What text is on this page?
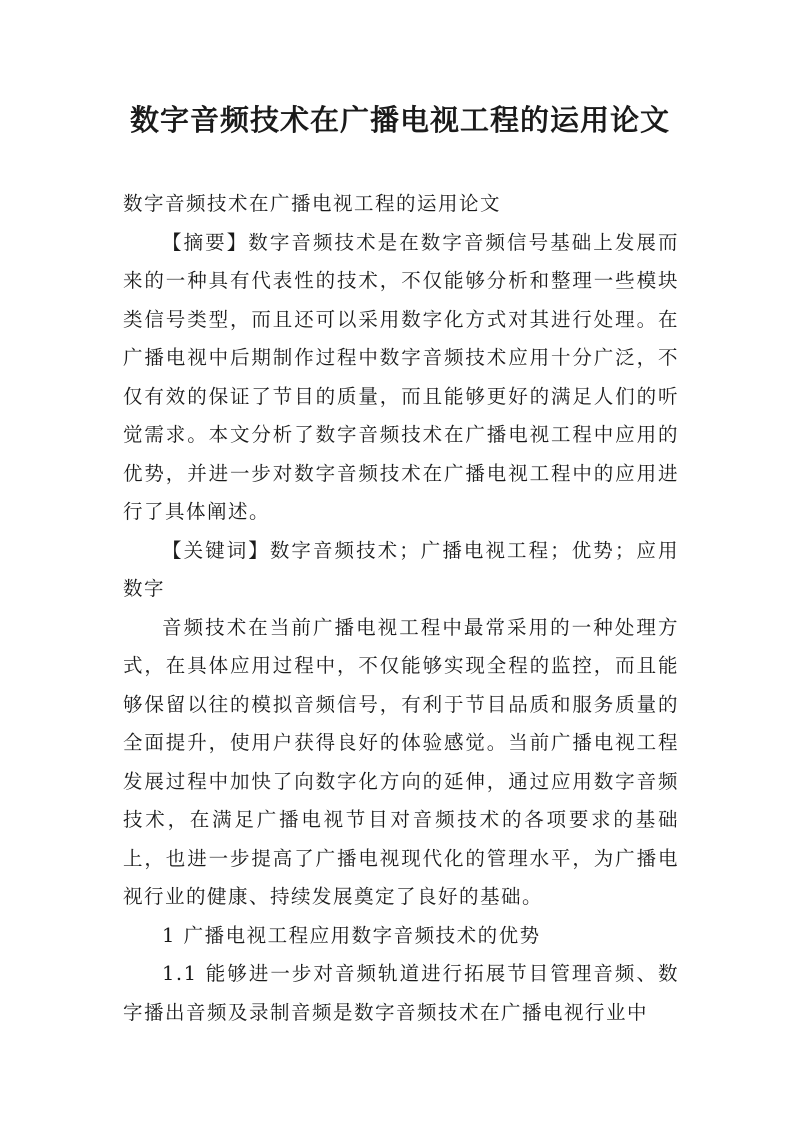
数字音频技术在广播电视工程的运用论文

数字音频技术在广播电视工程的运用论文

【摘要】数字音频技术是在数字音频信号基础上发展而来的一种具有代表性的技术，不仅能够分析和整理一些模块类信号类型，而且还可以采用数字化方式对其进行处理。在广播电视中后期制作过程中数字音频技术应用十分广泛，不仅有效的保证了节目的质量，而且能够更好的满足人们的听觉需求。本文分析了数字音频技术在广播电视工程中应用的优势，并进一步对数字音频技术在广播电视工程中的应用进行了具体阐述。

【关键词】数字音频技术；广播电视工程；优势；应用数字

音频技术在当前广播电视工程中最常采用的一种处理方式，在具体应用过程中，不仅能够实现全程的监控，而且能够保留以往的模拟音频信号，有利于节目品质和服务质量的全面提升，使用户获得良好的体验感觉。当前广播电视工程发展过程中加快了向数字化方向的延伸，通过应用数字音频技术，在满足广播电视节目对音频技术的各项要求的基础上，也进一步提高了广播电视现代化的管理水平，为广播电视行业的健康、持续发展奠定了良好的基础。

1 广播电视工程应用数字音频技术的优势

1.1 能够进一步对音频轨道进行拓展节目管理音频、数字播出音频及录制音频是数字音频技术在广播电视行业中
